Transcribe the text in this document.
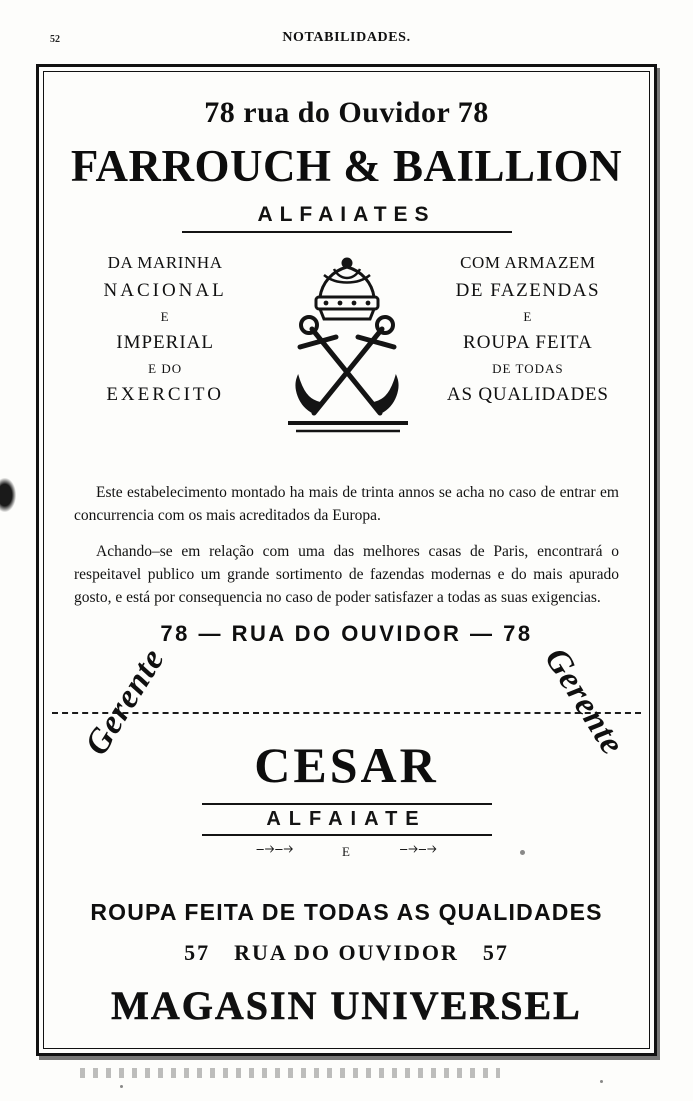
52	NOTABILIDADES.
78 rua do Ouvidor 78
FARROUCH & BAILLION
ALFAIATES
DA MARINHA
NACIONAL
E
IMPERIAL
E DO
EXERCITO
COM ARMAZEM
DE FAZENDAS
E
ROUPA FEITA
DE TODAS
AS QUALIDADES

Este estabelecimento montado ha mais de trinta annos se acha no caso de entrar em concurrencia com os mais acreditados da Europa.

Achando–se em relação com uma das melhores casas de Paris, encontrará o respeitavel publico um grande sortimento de fazendas modernas e do mais apurado gosto, e está por consequencia no caso de poder satisfazer a todas as suas exigencias.

78 — RUA DO OUVIDOR — 78
Gerente	Gerente
CESAR
ALFAIATE
⤍⤍	E	⤍⤍
ROUPA FEITA DE TODAS AS QUALIDADES
57 RUA DO OUVIDOR 57
MAGASIN UNIVERSEL
